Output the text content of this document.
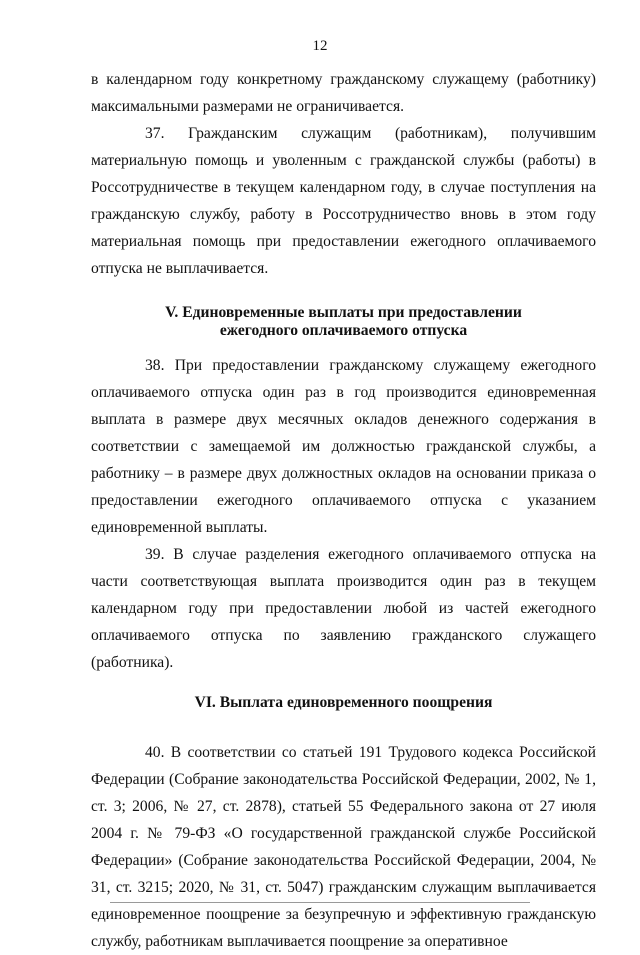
12

в календарном году конкретному гражданскому служащему (работнику) максимальными размерами не ограничивается.

37. Гражданским служащим (работникам), получившим материальную помощь и уволенным с гражданской службы (работы) в Россотрудничестве в текущем календарном году, в случае поступления на гражданскую службу, работу в Россотрудничество вновь в этом году материальная помощь при предоставлении ежегодного оплачиваемого отпуска не выплачивается.

V. Единовременные выплаты при предоставлении
ежегодного оплачиваемого отпуска

38. При предоставлении гражданскому служащему ежегодного оплачиваемого отпуска один раз в год производится единовременная выплата в размере двух месячных окладов денежного содержания в соответствии с замещаемой им должностью гражданской службы, а работнику – в размере двух должностных окладов на основании приказа о предоставлении ежегодного оплачиваемого отпуска с указанием единовременной выплаты.

39. В случае разделения ежегодного оплачиваемого отпуска на части соответствующая выплата производится один раз в текущем календарном году при предоставлении любой из частей ежегодного оплачиваемого отпуска по заявлению гражданского служащего (работника).

VI. Выплата единовременного поощрения

40. В соответствии со статьей 191 Трудового кодекса Российской Федерации (Собрание законодательства Российской Федерации, 2002, № 1, ст. 3; 2006, № 27, ст. 2878), статьей 55 Федерального закона от 27 июля 2004 г. № 79-ФЗ «О государственной гражданской службе Российской Федерации» (Собрание законодательства Российской Федерации, 2004, № 31, ст. 3215; 2020, № 31, ст. 5047) гражданским служащим выплачивается единовременное поощрение за безупречную и эффективную гражданскую службу, работникам выплачивается поощрение за оперативное
